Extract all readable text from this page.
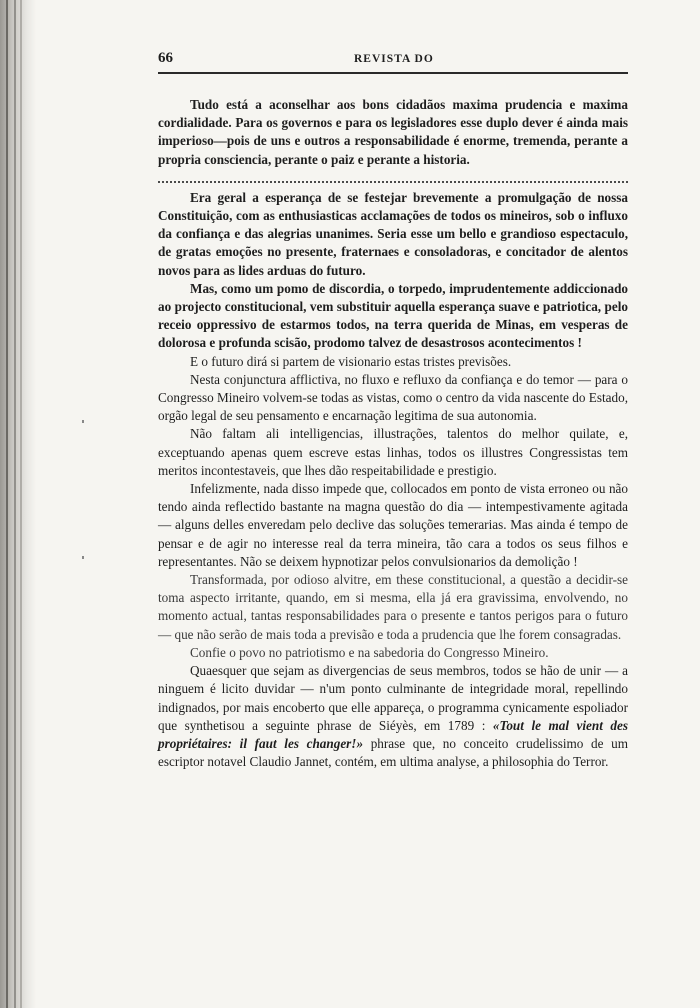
66	REVISTA DO

Tudo está a aconselhar aos bons cidadãos maxima prudencia e maxima cordialidade. Para os governos e para os legisladores esse duplo dever é ainda mais imperioso—pois de uns e outros a responsabilidade é enorme, tremenda, perante a propria consciencia, perante o paiz e perante a historia.

Era geral a esperança de se festejar brevemente a promulgação de nossa Constituição, com as enthusiasticas acclamações de todos os mineiros, sob o influxo da confiança e das alegrias unanimes. Seria esse um bello e grandioso espectaculo, de gratas emoções no presente, fraternaes e consoladoras, e concitador de alentos novos para as lides arduas do futuro.

Mas, como um pomo de discordia, o torpedo, imprudentemente addiccionado ao projecto constitucional, vem substituir aquella esperança suave e patriotica, pelo receio oppressivo de estarmos todos, na terra querida de Minas, em vesperas de dolorosa e profunda scisão, prodomo talvez de desastrosos acontecimentos !

E o futuro dirá si partem de visionario estas tristes previsões.

Nesta conjunctura afflictiva, no fluxo e refluxo da confiança e do temor — para o Congresso Mineiro volvem-se todas as vistas, como o centro da vida nascente do Estado, orgão legal de seu pensamento e encarnação legitima de sua autonomia.

Não faltam ali intelligencias, illustrações, talentos do melhor quilate, e, exceptuando apenas quem escreve estas linhas, todos os illustres Congressistas tem meritos incontestaveis, que lhes dão respeitabilidade e prestigio.

Infelizmente, nada disso impede que, collocados em ponto de vista erroneo ou não tendo ainda reflectido bastante na magna questão do dia — intempestivamente agitada — alguns delles enveredam pelo declive das soluções temerarias. Mas ainda é tempo de pensar e de agir no interesse real da terra mineira, tão cara a todos os seus filhos e representantes. Não se deixem hypnotizar pelos convulsionarios da demolição !

Transformada, por odioso alvitre, em these constitucional, a questão a decidir-se toma aspecto irritante, quando, em si mesma, ella já era gravissima, envolvendo, no momento actual, tantas responsabilidades para o presente e tantos perigos para o futuro — que não serão de mais toda a previsão e toda a prudencia que lhe forem consagradas.

Confie o povo no patriotismo e na sabedoria do Congresso Mineiro.

Quaesquer que sejam as divergencias de seus membros, todos se hão de unir — a ninguem é licito duvidar — n'um ponto culminante de integridade moral, repellindo indignados, por mais encoberto que elle appareça, o programma cynicamente espoliador que synthetisou a seguinte phrase de Siéyès, em 1789 : «Tout le mal vient des propriétaires: il faut les changer!» phrase que, no conceito crudelissimo de um escriptor notavel Claudio Jannet, contém, em ultima analyse, a philosophia do Terror.
